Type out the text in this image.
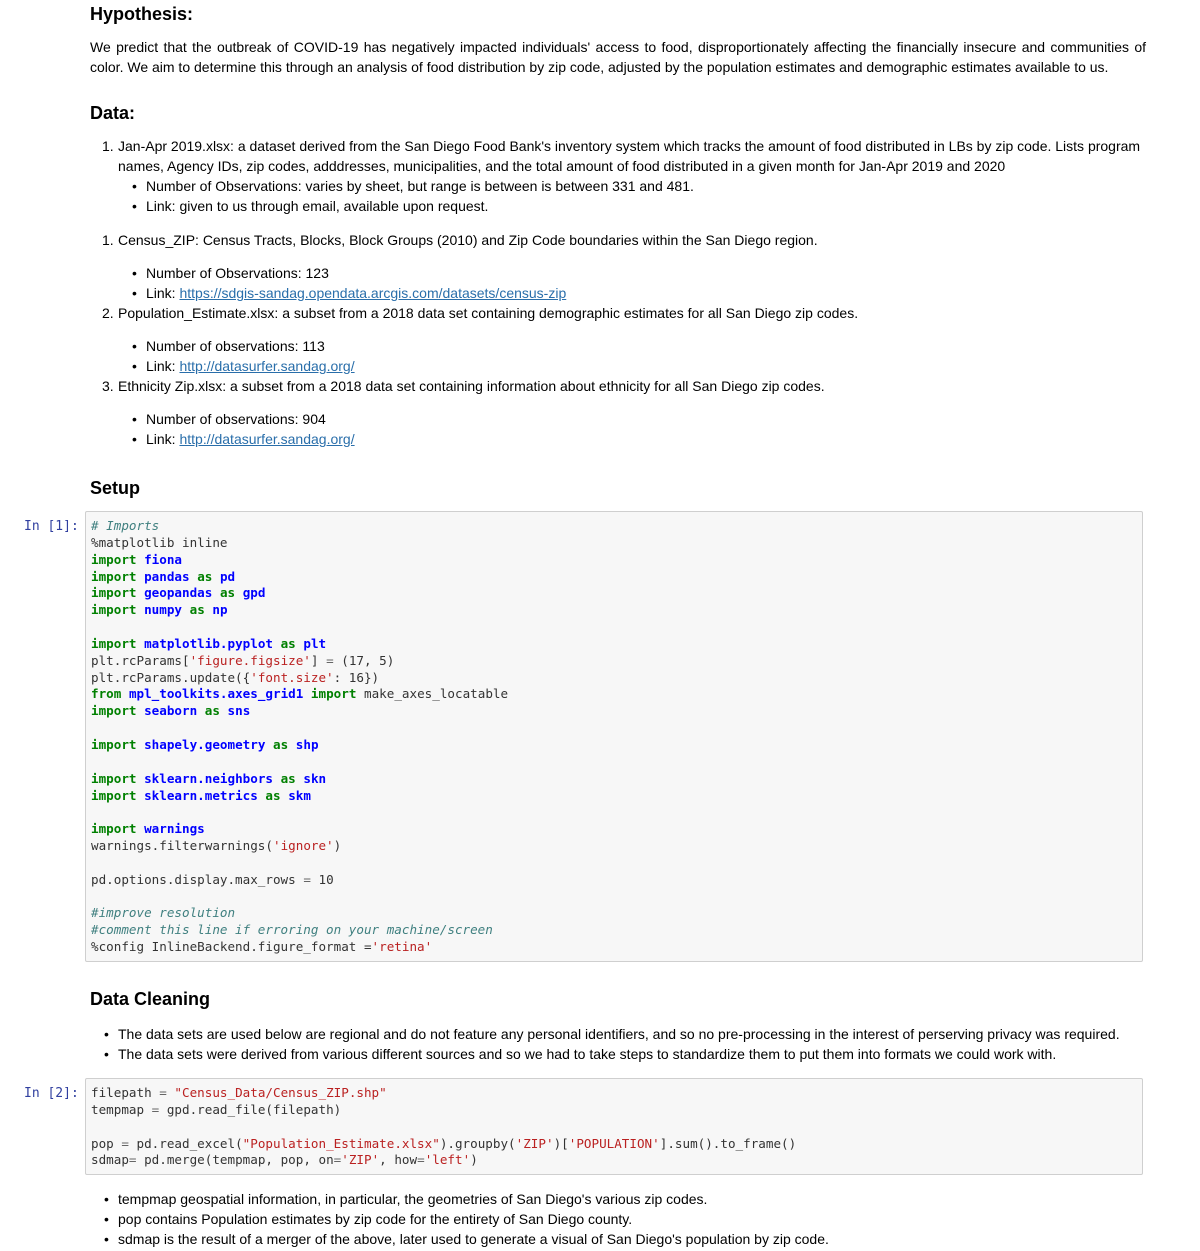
Hypothesis:

We predict that the outbreak of COVID-19 has negatively impacted individuals' access to food, disproportionately affecting the financially insecure and communities of color. We aim to determine this through an analysis of food distribution by zip code, adjusted by the population estimates and demographic estimates available to us.

Data:
1. Jan-Apr 2019.xlsx: a dataset derived from the San Diego Food Bank's inventory system which tracks the amount of food distributed in LBs by zip code. Lists program names, Agency IDs, zip codes, adddresses, municipalities, and the total amount of food distributed in a given month for Jan-Apr 2019 and 2020
• Number of Observations: varies by sheet, but range is between is between 331 and 481.
• Link: given to us through email, available upon request.
1. Census_ZIP: Census Tracts, Blocks, Block Groups (2010) and Zip Code boundaries within the San Diego region.
• Number of Observations: 123
• Link: https://sdgis-sandag.opendata.arcgis.com/datasets/census-zip
2. Population_Estimate.xlsx: a subset from a 2018 data set containing demographic estimates for all San Diego zip codes.
• Number of observations: 113
• Link: http://datasurfer.sandag.org/
3. Ethnicity Zip.xlsx: a subset from a 2018 data set containing information about ethnicity for all San Diego zip codes.
• Number of observations: 904
• Link: http://datasurfer.sandag.org/
Setup
In [1]: # Imports
%matplotlib inline
import fiona
import pandas as pd
import geopandas as gpd
import numpy as np

import matplotlib.pyplot as plt
plt.rcParams['figure.figsize'] = (17, 5)
plt.rcParams.update({'font.size': 16})
from mpl_toolkits.axes_grid1 import make_axes_locatable
import seaborn as sns

import shapely.geometry as shp

import sklearn.neighbors as skn
import sklearn.metrics as skm

import warnings
warnings.filterwarnings('ignore')

pd.options.display.max_rows = 10

#improve resolution
#comment this line if erroring on your machine/screen
%config InlineBackend.figure_format ='retina'
Data Cleaning
• The data sets are used below are regional and do not feature any personal identifiers, and so no pre-processing in the interest of perserving privacy was required.
• The data sets were derived from various different sources and so we had to take steps to standardize them to put them into formats we could work with.
In [2]: filepath = "Census_Data/Census_ZIP.shp"
tempmap = gpd.read_file(filepath)

pop = pd.read_excel("Population_Estimate.xlsx").groupby('ZIP')['POPULATION'].sum().to_frame()
sdmap= pd.merge(tempmap, pop, on='ZIP', how='left')
• tempmap geospatial information, in particular, the geometries of San Diego's various zip codes.
• pop contains Population estimates by zip code for the entirety of San Diego county.
• sdmap is the result of a merger of the above, later used to generate a visual of San Diego's population by zip code.
